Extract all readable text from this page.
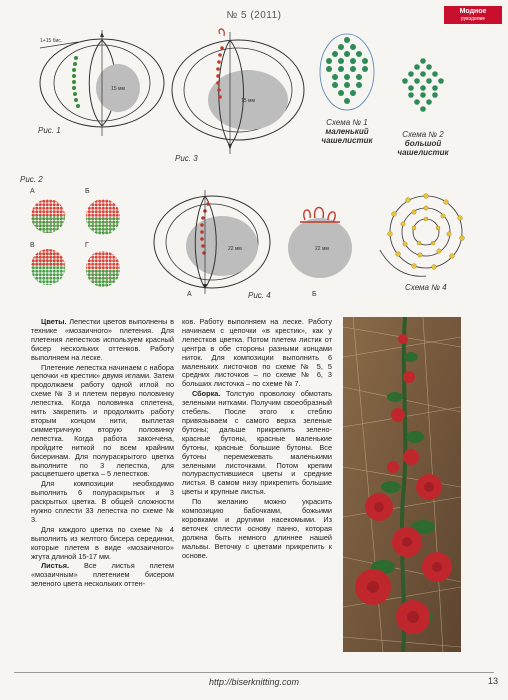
№ 5 (2011)	Модное
рукоделие
15 мм
1+15 бис.
Рис. 1
15 мм
Рис. 3
Схема № 1
маленький
чашелистик
Схема № 2
большой
чашелистик
Рис. 2
А	Б
В	Г	22 мм	22 мм
А	Б
Рис. 4
Схема № 4

Цветы. Лепестки цветов выполнены в технике «мозаичного» плетения. Для плетения лепестков используем красный бисер нескольких оттенков. Работу выполняем на леске.

Плетение лепестка начинаем с набора цепочки «в крестик» двумя иглами. Затем продолжаем работу одной иглой по схеме № 3 и плетем первую половинку лепестка. Когда половинка сплетена, нить закрепить и продолжить работу вторым концом нити, выплетая симметричную вторую половинку лепестка. Когда работа закончена, пройдите ниткой по всем крайним бисеринам. Для полураскрытого цветка выполните по 3 лепестка, для расцветшего цветка – 5 лепестков.

Для композиции необходимо выполнить 6 полураскрытых и 3 раскрытых цветка. В общей сложности нужно сплести 33 лепестка по схеме № 3.

Для каждого цветка по схеме № 4 выполнить из желтого бисера серединки, которые плетем в виде «мозаичного» жгута длиной 15-17 мм.

Листья. Все листья плетем «мозаичным» плетением бисером зеленого цвета нескольких оттен-

ков. Работу выполняем на леске. Работу начинаем с цепочки «в крестик», как у лепестков цветка. Потом плетем листик от центра в обе стороны разными концами ниток. Для композиции выполнить 6 маленьких листочков по схеме № 5, 5 средних листочков – по схеме № 6, 3 больших листочка – по схеме № 7.

Сборка. Толстую проволоку обмотать зелеными нитками. Получим своеобразный стебель. После этого к стеблю привязываем с самого верха зеленые бутоны; дальше прикрепить зелено-красные бутоны, красные маленькие бутоны, красные большие бутоны. Все бутоны перемежевать маленькими зелеными листочками. Потом крепим полураспустившиеся цветы и средние листья. В самом низу прикрепить большие цветы и крупные листья.

По желанию можно украсить композицию бабочками, божьими коровками и другими насекомыми. Из веточек сплести основу панно, которая должна быть немного длиннее нашей мальвы. Веточку с цветами прикрепить к основе.

http://biserknitting.com	13
